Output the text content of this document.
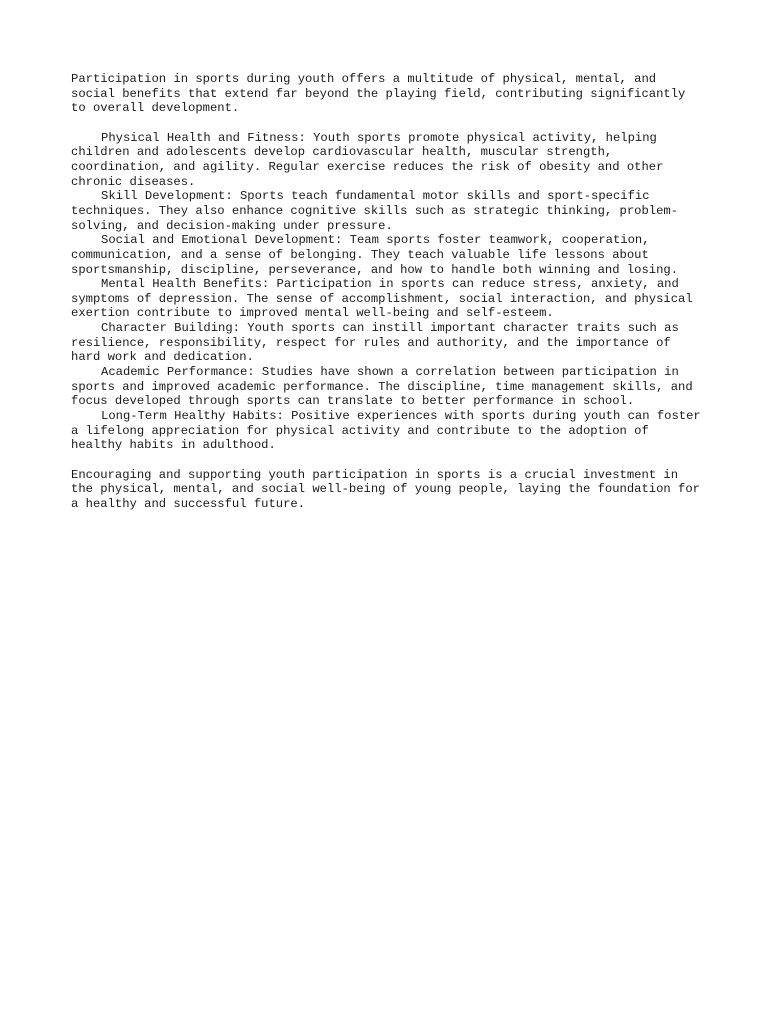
Participation in sports during youth offers a multitude of physical, mental, and social benefits that extend far beyond the playing field, contributing significantly to overall development.

Physical Health and Fitness: Youth sports promote physical activity, helping children and adolescents develop cardiovascular health, muscular strength, coordination, and agility. Regular exercise reduces the risk of obesity and other chronic diseases.

Skill Development: Sports teach fundamental motor skills and sport-specific techniques. They also enhance cognitive skills such as strategic thinking, problem-solving, and decision-making under pressure.

Social and Emotional Development: Team sports foster teamwork, cooperation, communication, and a sense of belonging. They teach valuable life lessons about sportsmanship, discipline, perseverance, and how to handle both winning and losing.

Mental Health Benefits: Participation in sports can reduce stress, anxiety, and symptoms of depression. The sense of accomplishment, social interaction, and physical exertion contribute to improved mental well-being and self-esteem.

Character Building: Youth sports can instill important character traits such as resilience, responsibility, respect for rules and authority, and the importance of hard work and dedication.

Academic Performance: Studies have shown a correlation between participation in sports and improved academic performance. The discipline, time management skills, and focus developed through sports can translate to better performance in school.

Long-Term Healthy Habits: Positive experiences with sports during youth can foster a lifelong appreciation for physical activity and contribute to the adoption of healthy habits in adulthood.

Encouraging and supporting youth participation in sports is a crucial investment in the physical, mental, and social well-being of young people, laying the foundation for a healthy and successful future.
